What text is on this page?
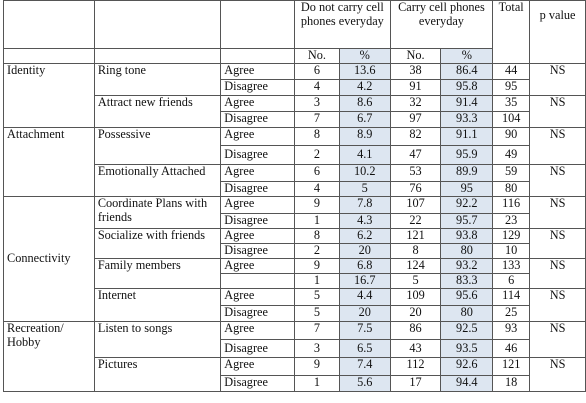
			Do not carry cell phones everyday		Carry cell phones everyday		Total	p value
			No.	%	No.	%		
Identity	Ring tone	Agree	6	13.6	38	86.4	44	NS
		Disagree	4	4.2	91	95.8	95	
	Attract new friends	Agree	3	8.6	32	91.4	35	NS
		Disagree	7	6.7	97	93.3	104	
Attachment	Possessive	Agree	8	8.9	82	91.1	90	NS
		Disagree	2	4.1	47	95.9	49	
	Emotionally Attached	Agree	6	10.2	53	89.9	59	NS
		Disagree	4	5	76	95	80	
Connectivity	Coordinate Plans with friends	Agree	9	7.8	107	92.2	116	NS
		Disagree	1	4.3	22	95.7	23	
	Socialize with friends	Agree	8	6.2	121	93.8	129	NS
		Disagree	2	20	8	80	10	
	Family members	Agree	9	6.8	124	93.2	133	NS
			1	16.7	5	83.3	6	
	Internet	Agree	5	4.4	109	95.6	114	NS
		Disagree	5	20	20	80	25	
Recreation/ Hobby	Listen to songs	Agree	7	7.5	86	92.5	93	NS
		Disagree	3	6.5	43	93.5	46	
	Pictures	Agree	9	7.4	112	92.6	121	NS
		Disagree	1	5.6	17	94.4	18	
